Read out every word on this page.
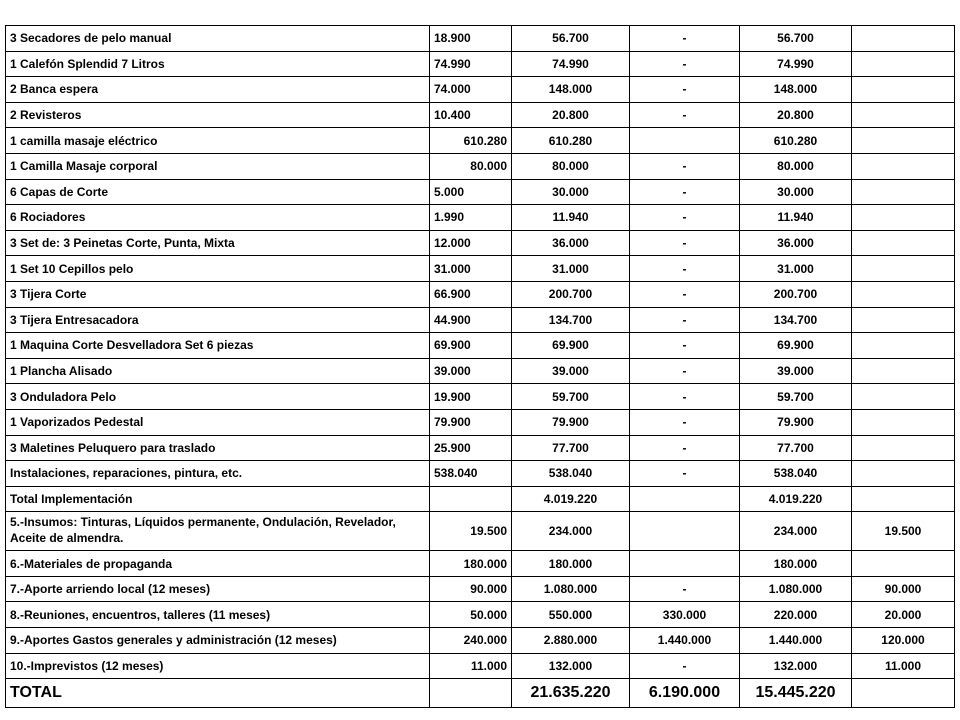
3 Secadores de pelo manual	18.900	56.700	-	56.700	
1 Calefón Splendid 7 Litros	74.990	74.990	-	74.990	
2 Banca espera	74.000	148.000	-	148.000	
2 Revisteros	10.400	20.800	-	20.800	
1 camilla masaje eléctrico	610.280	610.280		610.280	
1 Camilla Masaje corporal	80.000	80.000	-	80.000	
6 Capas de Corte	5.000	30.000	-	30.000	
6 Rociadores	1.990	11.940	-	11.940	
3 Set de: 3 Peinetas Corte, Punta, Mixta	12.000	36.000	-	36.000	
1 Set 10 Cepillos pelo	31.000	31.000	-	31.000	
3 Tijera Corte	66.900	200.700	-	200.700	
3 Tijera Entresacadora	44.900	134.700	-	134.700	
1 Maquina Corte Desvelladora Set 6 piezas	69.900	69.900	-	69.900	
1 Plancha Alisado	39.000	39.000	-	39.000	
3 Onduladora Pelo	19.900	59.700	-	59.700	
1 Vaporizados Pedestal	79.900	79.900	-	79.900	
3 Maletines Peluquero para traslado	25.900	77.700	-	77.700	
Instalaciones, reparaciones, pintura, etc.	538.040	538.040	-	538.040	
Total Implementación		4.019.220		4.019.220	
5.-Insumos: Tinturas, Líquidos permanente, Ondulación, Revelador, Aceite de almendra.	19.500	234.000		234.000	19.500
6.-Materiales de propaganda	180.000	180.000		180.000	
7.-Aporte arriendo local (12 meses)	90.000	1.080.000	-	1.080.000	90.000
8.-Reuniones, encuentros, talleres (11 meses)	50.000	550.000	330.000	220.000	20.000
9.-Aportes Gastos generales y administración (12 meses)	240.000	2.880.000	1.440.000	1.440.000	120.000
10.-Imprevistos (12 meses)	11.000	132.000	-	132.000	11.000
TOTAL		21.635.220	6.190.000	15.445.220	
